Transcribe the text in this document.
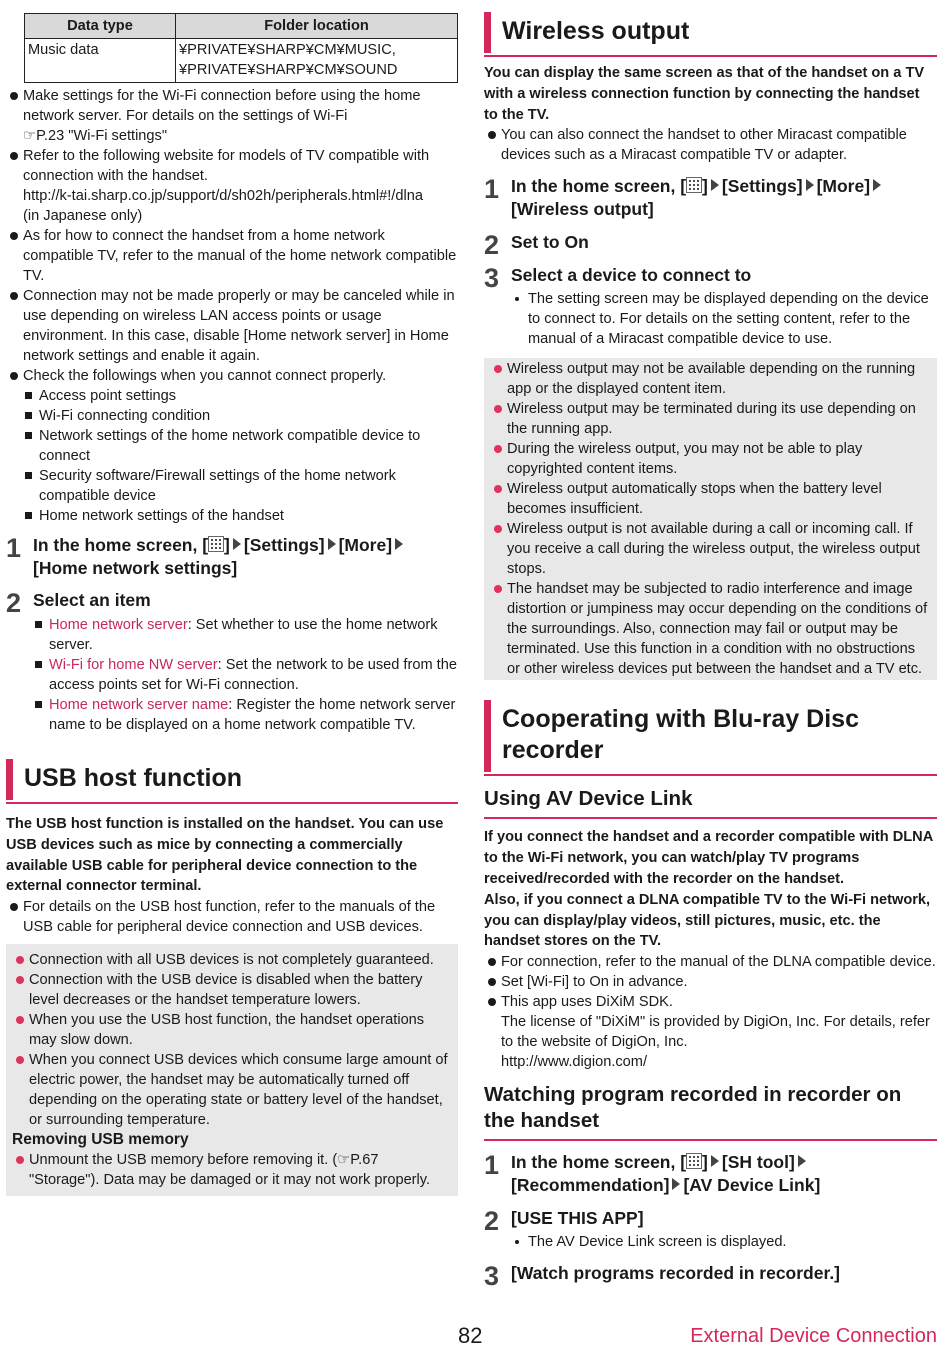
Data type	Folder location
Music data	¥PRIVATE¥SHARP¥CM¥MUSIC,
¥PRIVATE¥SHARP¥CM¥SOUND

Make settings for the Wi-Fi connection before using the home network server. For details on the settings of Wi-Fi

☞P.23 "Wi-Fi settings"

Refer to the following website for models of TV compatible with connection with the handset.

http://k-tai.sharp.co.jp/support/d/sh02h/peripherals.html#!/dlna

(in Japanese only)

As for how to connect the handset from a home network compatible TV, refer to the manual of the home network compatible TV.
Connection may not be made properly or may be canceled while in use depending on wireless LAN access points or usage environment. In this case, disable [Home network server] in Home network settings and enable it again.
Check the followings when you cannot connect properly.
Access point settings
Wi-Fi connecting condition
Network settings of the home network compatible device to connect
Security software/Firewall settings of the home network compatible device
Home network settings of the handset
1 In the home screen, [ ] [Settings] [More]
[Home network settings]
2 Select an item
Home network server: Set whether to use the home network server.
Wi-Fi for home NW server: Set the network to be used from the access points set for Wi-Fi connection.
Home network server name: Register the home network server name to be displayed on a home network compatible TV.
USB host function

The USB host function is installed on the handset. You can use USB devices such as mice by connecting a commercially available USB cable for peripheral device connection to the external connector terminal.

For details on the USB host function, refer to the manuals of the USB cable for peripheral device connection and USB devices.
Connection with all USB devices is not completely guaranteed.
Connection with the USB device is disabled when the battery level decreases or the handset temperature lowers.
When you use the USB host function, the handset operations may slow down.
When you connect USB devices which consume large amount of electric power, the handset may be automatically turned off depending on the operating state or battery level of the handset, or surrounding temperature.
Removing USB memory
Unmount the USB memory before removing it. (☞P.67 "Storage"). Data may be damaged or it may not work properly.
Wireless output

You can display the same screen as that of the handset on a TV with a wireless connection function by connecting the handset to the TV.

You can also connect the handset to other Miracast compatible devices such as a Miracast compatible TV or adapter.
1 In the home screen, [ ] [Settings] [More]
[Wireless output]
2 Set to On
3 Select a device to connect to
The setting screen may be displayed depending on the device to connect to. For details on the setting content, refer to the manual of a Miracast compatible device to use.
Wireless output may not be available depending on the running app or the displayed content item.
Wireless output may be terminated during its use depending on the running app.
During the wireless output, you may not be able to play copyrighted content items.
Wireless output automatically stops when the battery level becomes insufficient.
Wireless output is not available during a call or incoming call. If you receive a call during the wireless output, the wireless output stops.
The handset may be subjected to radio interference and image distortion or jumpiness may occur depending on the conditions of the surroundings. Also, connection may fail or output may be terminated. Use this function in a condition with no obstructions or other wireless devices put between the handset and a TV etc.
Cooperating with Blu-ray Disc recorder
Using AV Device Link

If you connect the handset and a recorder compatible with DLNA to the Wi-Fi network, you can watch/play TV programs received/recorded with the recorder on the handset.

Also, if you connect a DLNA compatible TV to the Wi-Fi network, you can display/play videos, still pictures, music, etc. the handset stores on the TV.

For connection, refer to the manual of the DLNA compatible device.
Set [Wi-Fi] to On in advance.

This app uses DiXiM SDK.

The license of "DiXiM" is provided by DigiOn, Inc. For details, refer to the website of DigiOn, Inc.

http://www.digion.com/

Watching program recorded in recorder on the handset
1 In the home screen, [ ] [SH tool]
[Recommendation] [AV Device Link]
2 [USE THIS APP]
The AV Device Link screen is displayed.
3 [Watch programs recorded in recorder.]
82	External Device Connection
